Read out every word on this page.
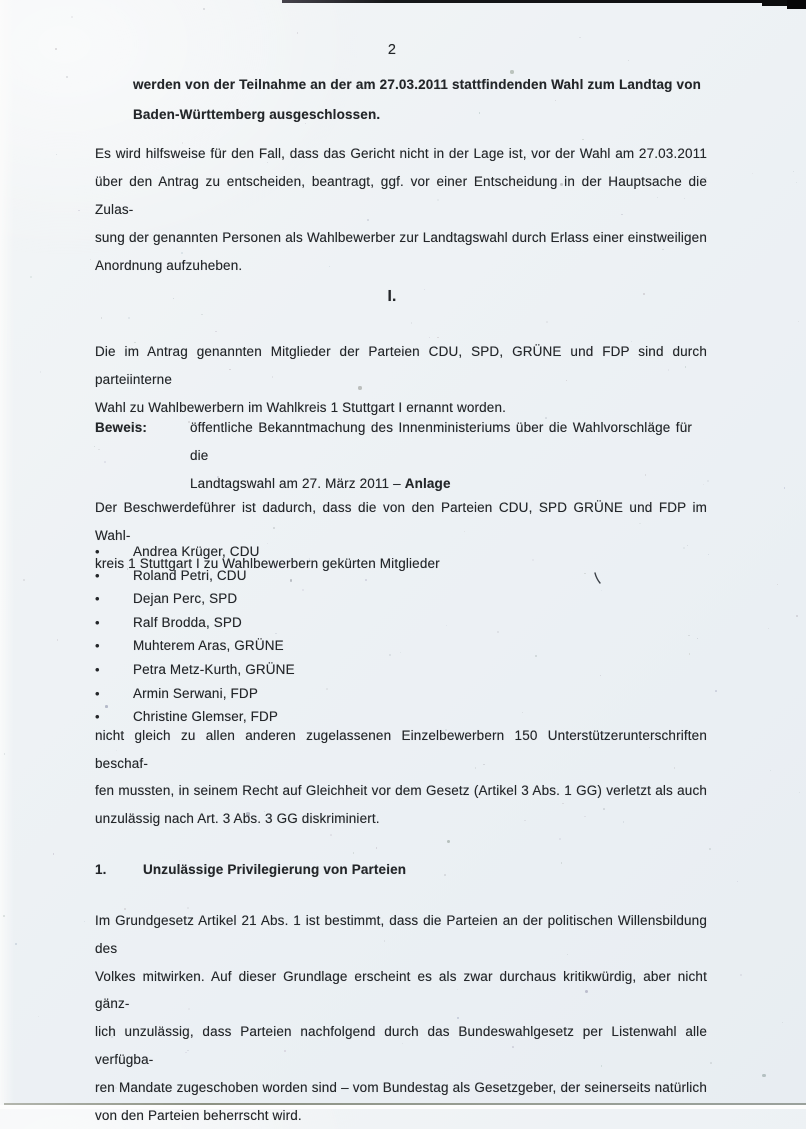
2
werden von der Teilnahme an der am 27.03.2011 stattfindenden Wahl zum Landtag von
Baden-Württemberg ausgeschlossen.
Es wird hilfsweise für den Fall, dass das Gericht nicht in der Lage ist, vor der Wahl am 27.03.2011
über den Antrag zu entscheiden, beantragt, ggf. vor einer Entscheidung in der Hauptsache die Zulas-
sung der genannten Personen als Wahlbewerber zur Landtagswahl durch Erlass einer einstweiligen
Anordnung aufzuheben.
I.
Die im Antrag genannten Mitglieder der Parteien CDU, SPD, GRÜNE und FDP sind durch parteiinterne
Wahl zu Wahlbewerbern im Wahlkreis 1 Stuttgart I ernannt worden.
Beweis:	öffentliche Bekanntmachung des Innenministeriums über die Wahlvorschläge für die
Landtagswahl am 27. März 2011 – Anlage
Der Beschwerdeführer ist dadurch, dass die von den Parteien CDU, SPD GRÜNE und FDP im Wahl-
kreis 1 Stuttgart I zu Wahlbewerbern gekürten Mitglieder
• Andrea Krüger, CDU
• Roland Petri, CDU
• Dejan Perc, SPD
• Ralf Brodda, SPD
• Muhterem Aras, GRÜNE
• Petra Metz-Kurth, GRÜNE
• Armin Serwani, FDP
• Christine Glemser, FDP
nicht gleich zu allen anderen zugelassenen Einzelbewerbern 150 Unterstützerunterschriften beschaf-
fen mussten, in seinem Recht auf Gleichheit vor dem Gesetz (Artikel 3 Abs. 1 GG) verletzt als auch
unzulässig nach Art. 3 Abs. 3 GG diskriminiert.
1.	Unzulässige Privilegierung von Parteien
Im Grundgesetz Artikel 21 Abs. 1 ist bestimmt, dass die Parteien an der politischen Willensbildung des
Volkes mitwirken. Auf dieser Grundlage erscheint es als zwar durchaus kritikwürdig, aber nicht gänz-
lich unzulässig, dass Parteien nachfolgend durch das Bundeswahlgesetz per Listenwahl alle verfügba-
ren Mandate zugeschoben worden sind – vom Bundestag als Gesetzgeber, der seinerseits natürlich
von den Parteien beherrscht wird.
